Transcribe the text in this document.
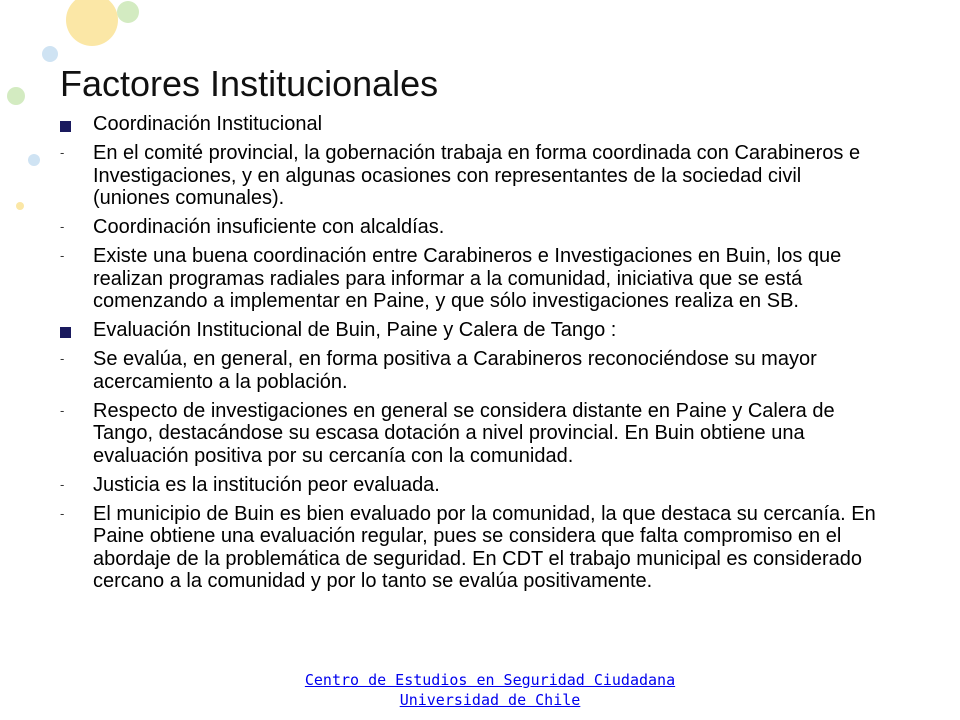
Factores Institucionales
Coordinación Institucional
- En el comité provincial, la gobernación trabaja en forma coordinada con Carabineros e Investigaciones, y en algunas ocasiones con representantes de la sociedad civil (uniones comunales).
- Coordinación insuficiente con alcaldías.
- Existe una buena coordinación entre Carabineros e Investigaciones en Buin, los que realizan programas radiales para informar a la comunidad, iniciativa que se está comenzando a implementar en Paine, y que sólo investigaciones realiza en SB.
Evaluación Institucional de Buin, Paine y Calera de Tango :
- Se evalúa, en general, en forma positiva a Carabineros reconociéndose su mayor acercamiento a la población.
- Respecto de investigaciones en general se considera distante en Paine y Calera de Tango, destacándose su escasa dotación a nivel provincial. En Buin obtiene una evaluación positiva por su cercanía con la comunidad.
- Justicia es la institución peor evaluada.
- El municipio de Buin es bien evaluado por la comunidad, la que destaca su cercanía. En Paine obtiene una evaluación regular, pues se considera que falta compromiso en el abordaje de la problemática de seguridad. En CDT el trabajo municipal es considerado cercano a la comunidad y por lo tanto se evalúa positivamente.
Centro de Estudios en Seguridad Ciudadana
Universidad de Chile
